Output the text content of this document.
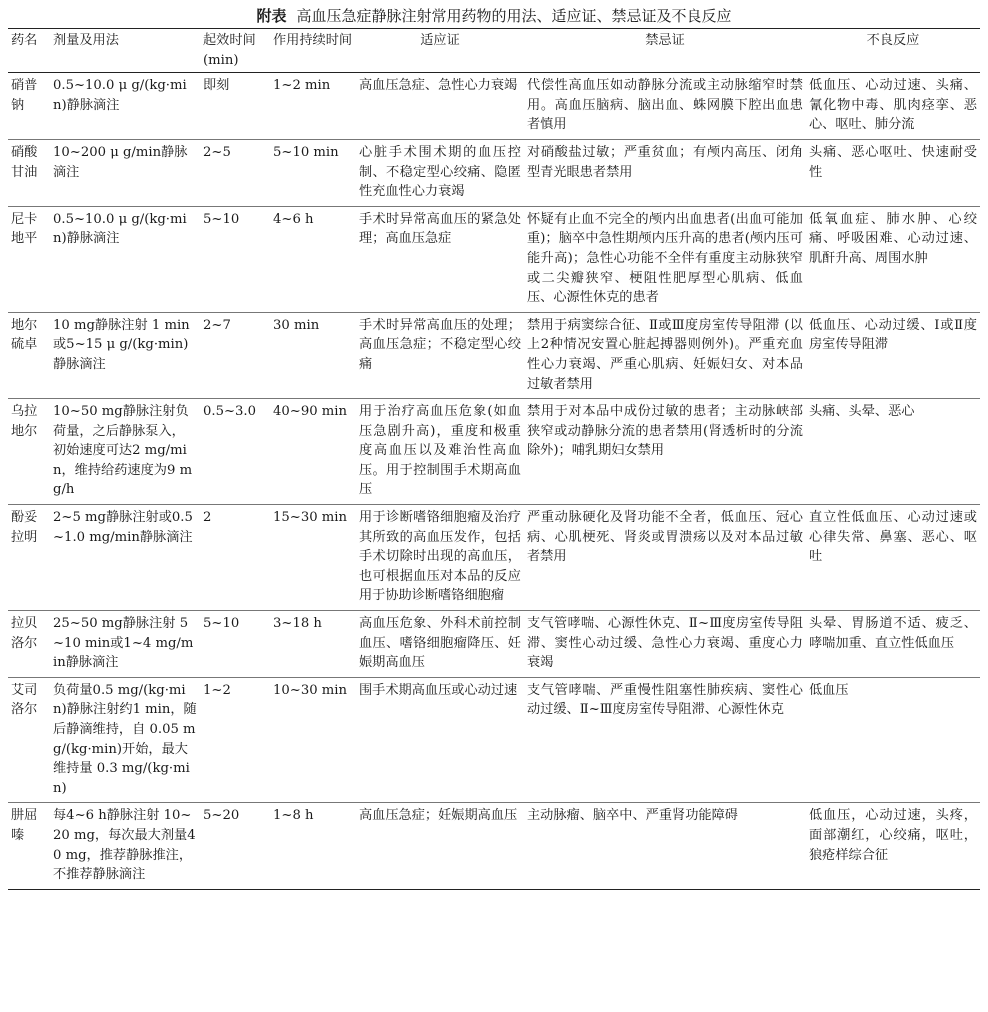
附表 高血压急症静脉注射常用药物的用法、适应证、禁忌证及不良反应
药名	剂量及用法	起效时间(min)	作用持续时间	适应证	禁忌证	不良反应
硝普钠	0.5~10.0 μ g/(kg·min)静脉滴注	即刻	1~2 min	高血压急症、急性心力衰竭	代偿性高血压如动静脉分流或主动脉缩窄时禁用。高血压脑病、脑出血、蛛网膜下腔出血患者慎用	低血压、心动过速、头痛、氰化物中毒、肌肉痉挛、恶心、呕吐、肺分流
硝酸甘油	10~200 μ g/min静脉滴注	2~5	5~10 min	心脏手术围术期的血压控制、不稳定型心绞痛、隐匿性充血性心力衰竭	对硝酸盐过敏；严重贫血；有颅内高压、闭角型青光眼患者禁用	头痛、恶心呕吐、快速耐受性
尼卡地平	0.5~10.0 μ g/(kg·min)静脉滴注	5~10	4~6 h	手术时异常高血压的紧急处理；高血压急症	怀疑有止血不完全的颅内出血患者(出血可能加重)；脑卒中急性期颅内压升高的患者(颅内压可能升高)；急性心功能不全伴有重度主动脉狭窄或二尖瓣狭窄、梗阻性肥厚型心肌病、低血压、心源性休克的患者	低氧血症、肺水肿、心绞痛、呼吸困难、心动过速、肌酐升高、周围水肿
地尔硫卓	10 mg静脉注射 1 min或5~15 μ g/(kg·min)静脉滴注	2~7	30 min	手术时异常高血压的处理；高血压急症；不稳定型心绞痛	禁用于病窦综合征、Ⅱ或Ⅲ度房室传导阻滞 (以上2种情况安置心脏起搏器则例外)。严重充血性心力衰竭、严重心肌病、妊娠妇女、对本品过敏者禁用	低血压、心动过缓、Ⅰ或Ⅱ度房室传导阻滞
乌拉地尔	10~50 mg静脉注射负荷量，之后静脉泵入，初始速度可达2 mg/min，维持给药速度为9 mg/h	0.5~3.0	40~90 min	用于治疗高血压危象(如血压急剧升高)，重度和极重度高血压以及难治性高血压。用于控制围手术期高血压	禁用于对本品中成份过敏的患者；主动脉峡部狭窄或动静脉分流的患者禁用(肾透析时的分流除外)；哺乳期妇女禁用	头痛、头晕、恶心
酚妥拉明	2~5 mg静脉注射或0.5~1.0 mg/min静脉滴注	2	15~30 min	用于诊断嗜铬细胞瘤及治疗其所致的高血压发作，包括手术切除时出现的高血压，也可根据血压对本品的反应用于协助诊断嗜铬细胞瘤	严重动脉硬化及肾功能不全者，低血压、冠心病、心肌梗死、肾炎或胃溃疡以及对本品过敏者禁用	直立性低血压、心动过速或心律失常、鼻塞、恶心、呕吐
拉贝洛尔	25~50 mg静脉注射 5~10 min或1~4 mg/min静脉滴注	5~10	3~18 h	高血压危象、外科术前控制血压、嗜铬细胞瘤降压、妊娠期高血压	支气管哮喘、心源性休克、Ⅱ~Ⅲ度房室传导阻滞、窦性心动过缓、急性心力衰竭、重度心力衰竭	头晕、胃肠道不适、疲乏、哮喘加重、直立性低血压
艾司洛尔	负荷量0.5 mg/(kg·min)静脉注射约1 min，随后静滴维持，自 0.05 mg/(kg·min)开始，最大维持量 0.3 mg/(kg·min)	1~2	10~30 min	围手术期高血压或心动过速	支气管哮喘、严重慢性阻塞性肺疾病、窦性心动过缓、Ⅱ~Ⅲ度房室传导阻滞、心源性休克	低血压
肼屈嗪	每4~6 h静脉注射 10~20 mg，每次最大剂量40 mg，推荐静脉推注，不推荐静脉滴注	5~20	1~8 h	高血压急症；妊娠期高血压	主动脉瘤、脑卒中、严重肾功能障碍	低血压，心动过速，头疼，面部潮红，心绞痛，呕吐，狼疮样综合征
